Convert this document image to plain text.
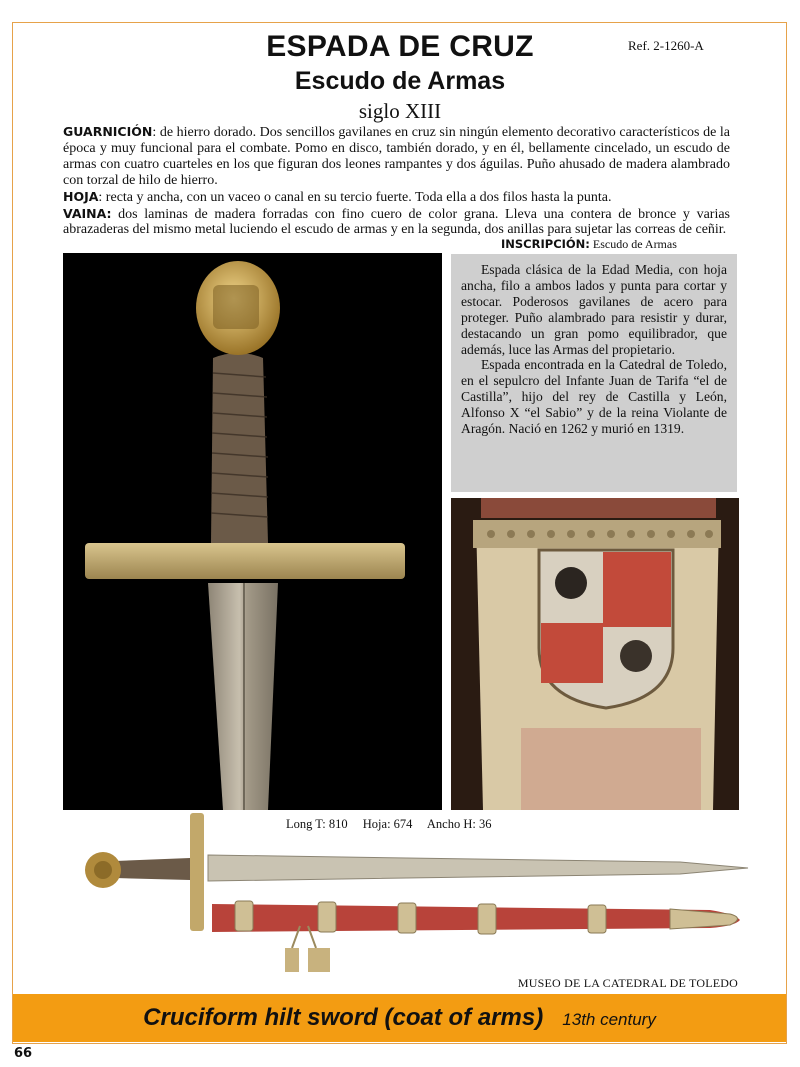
ESPADA DE CRUZ	Ref. 2-1260-A
Escudo de Armas
siglo XIII

GUARNICIÓN: de hierro dorado. Dos sencillos gavilanes en cruz sin ningún elemento decorativo característicos de la época y muy funcional para el combate. Pomo en disco, también dorado, y en él, bellamente cincelado, un escudo de armas con cuatro cuarteles en los que figuran dos leones rampantes y dos águilas. Puño ahusado de madera alambrado con torzal de hilo de hierro.

HOJA: recta y ancha, con un vaceo o canal en su tercio fuerte. Toda ella a dos filos hasta la punta.

VAINA: dos laminas de madera forradas con fino cuero de color grana. Lleva una contera de bronce y varias abrazaderas del mismo metal luciendo el escudo de armas y en la segunda, dos anillas para sujetar las correas de ceñir.

INSCRIPCIÓN: Escudo de Armas

Espada clásica de la Edad Media, con hoja ancha, filo a ambos lados y punta para cortar y estocar. Poderosos gavilanes de acero para proteger. Puño alambrado para resistir y durar, destacando un gran pomo equilibrador, que además, luce las Armas del propietario.

Espada encontrada en la Catedral de Toledo, en el sepulcro del Infante Juan de Tarifa “el de Castilla”, hijo del rey de Castilla y León, Alfonso X “el Sabio” y de la reina Violante de Aragón. Nació en 1262 y murió en 1319.

Long T: 810 Hoja: 674 Ancho H: 36
MUSEO DE LA CATEDRAL DE TOLEDO
Cruciform hilt sword (coat of arms) 13th century
66
